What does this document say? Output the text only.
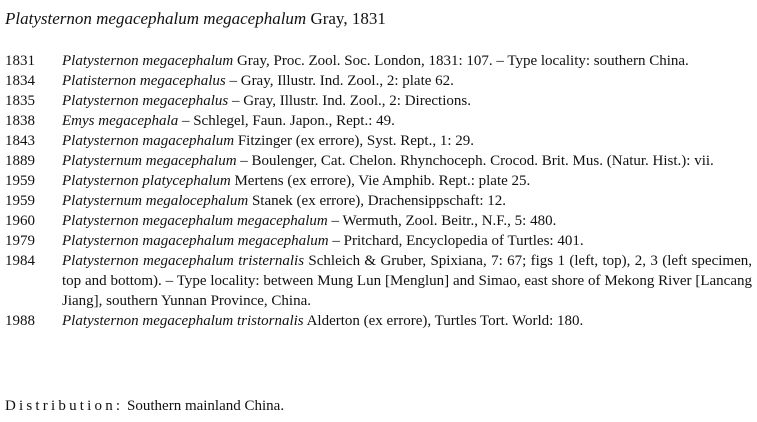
Platysternon megacephalum megacephalum Gray, 1831
1831	Platysternon megacephalum Gray, Proc. Zool. Soc. London, 1831: 107. – Type locality: southern China.
1834	Platisternon megacephalus – Gray, Illustr. Ind. Zool., 2: plate 62.
1835	Platysternon megacephalus – Gray, Illustr. Ind. Zool., 2: Directions.
1838	Emys megacephala – Schlegel, Faun. Japon., Rept.: 49.
1843	Platysternon magacephalum Fitzinger (ex errore), Syst. Rept., 1: 29.
1889	Platysternum megacephalum – Boulenger, Cat. Chelon. Rhynchoceph. Crocod. Brit. Mus. (Natur. Hist.): vii.
1959	Platysternon platycephalum Mertens (ex errore), Vie Amphib. Rept.: plate 25.
1959	Platysternum megalocephalum Stanek (ex errore), Drachensippschaft: 12.
1960	Platysternon megacephalum megacephalum – Wermuth, Zool. Beitr., N.F., 5: 480.
1979	Platysternon magacephalum megacephalum – Pritchard, Encyclopedia of Turtles: 401.
1984	Platysternon megacephalum tristernalis Schleich & Gruber, Spixiana, 7: 67; figs 1 (left, top), 2, 3 (left specimen, top and bottom). – Type locality: between Mung Lun [Menglun] and Simao, east shore of Mekong River [Lancang Jiang], southern Yunnan Province, China.
1988	Platysternon megacephalum tristornalis Alderton (ex errore), Turtles Tort. World: 180.
Distribution: Southern mainland China.
